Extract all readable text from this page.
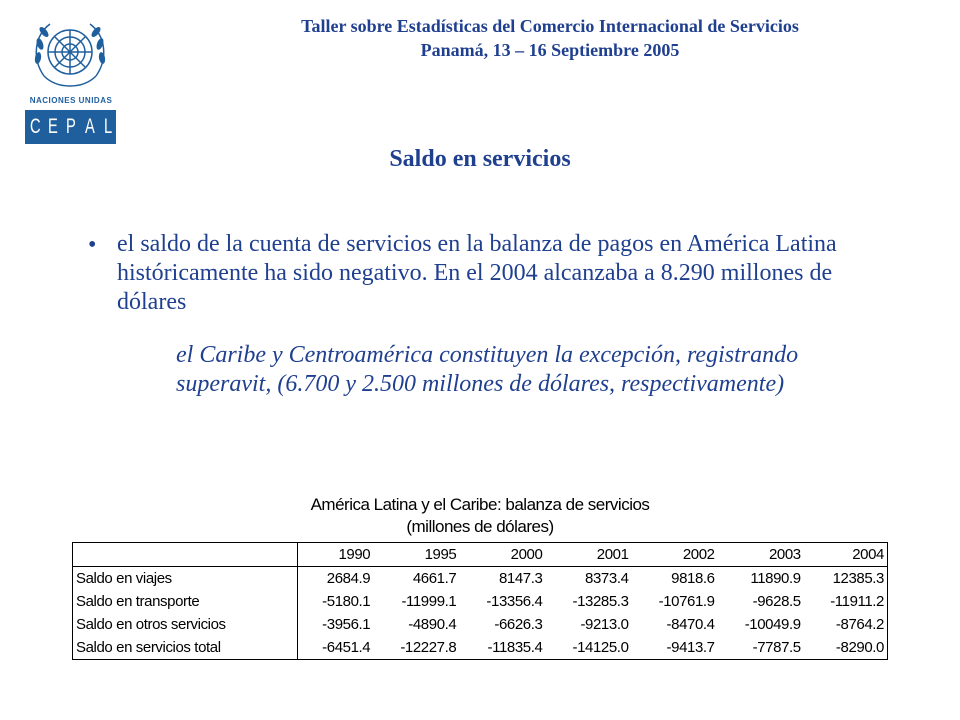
NACIONES UNIDAS
C E P A L
Taller sobre Estadísticas del Comercio Internacional de Servicios
Panamá, 13 – 16 Septiembre 2005
Saldo en servicios
• el saldo de la cuenta de servicios en la balanza de pagos en América Latina históricamente ha sido negativo. En el 2004 alcanzaba a 8.290 millones de dólares
el Caribe y Centroamérica constituyen la excepción, registrando superavit, (6.700 y 2.500 millones de dólares, respectivamente)
América Latina y el Caribe: balanza de servicios
(millones de dólares)
	1990	1995	2000	2001	2002	2003	2004
Saldo en viajes	2684.9	4661.7	8147.3	8373.4	9818.6	11890.9	12385.3
Saldo en transporte	-5180.1	-11999.1	-13356.4	-13285.3	-10761.9	-9628.5	-11911.2
Saldo en otros servicios	-3956.1	-4890.4	-6626.3	-9213.0	-8470.4	-10049.9	-8764.2
Saldo en servicios total	-6451.4	-12227.8	-11835.4	-14125.0	-9413.7	-7787.5	-8290.0
